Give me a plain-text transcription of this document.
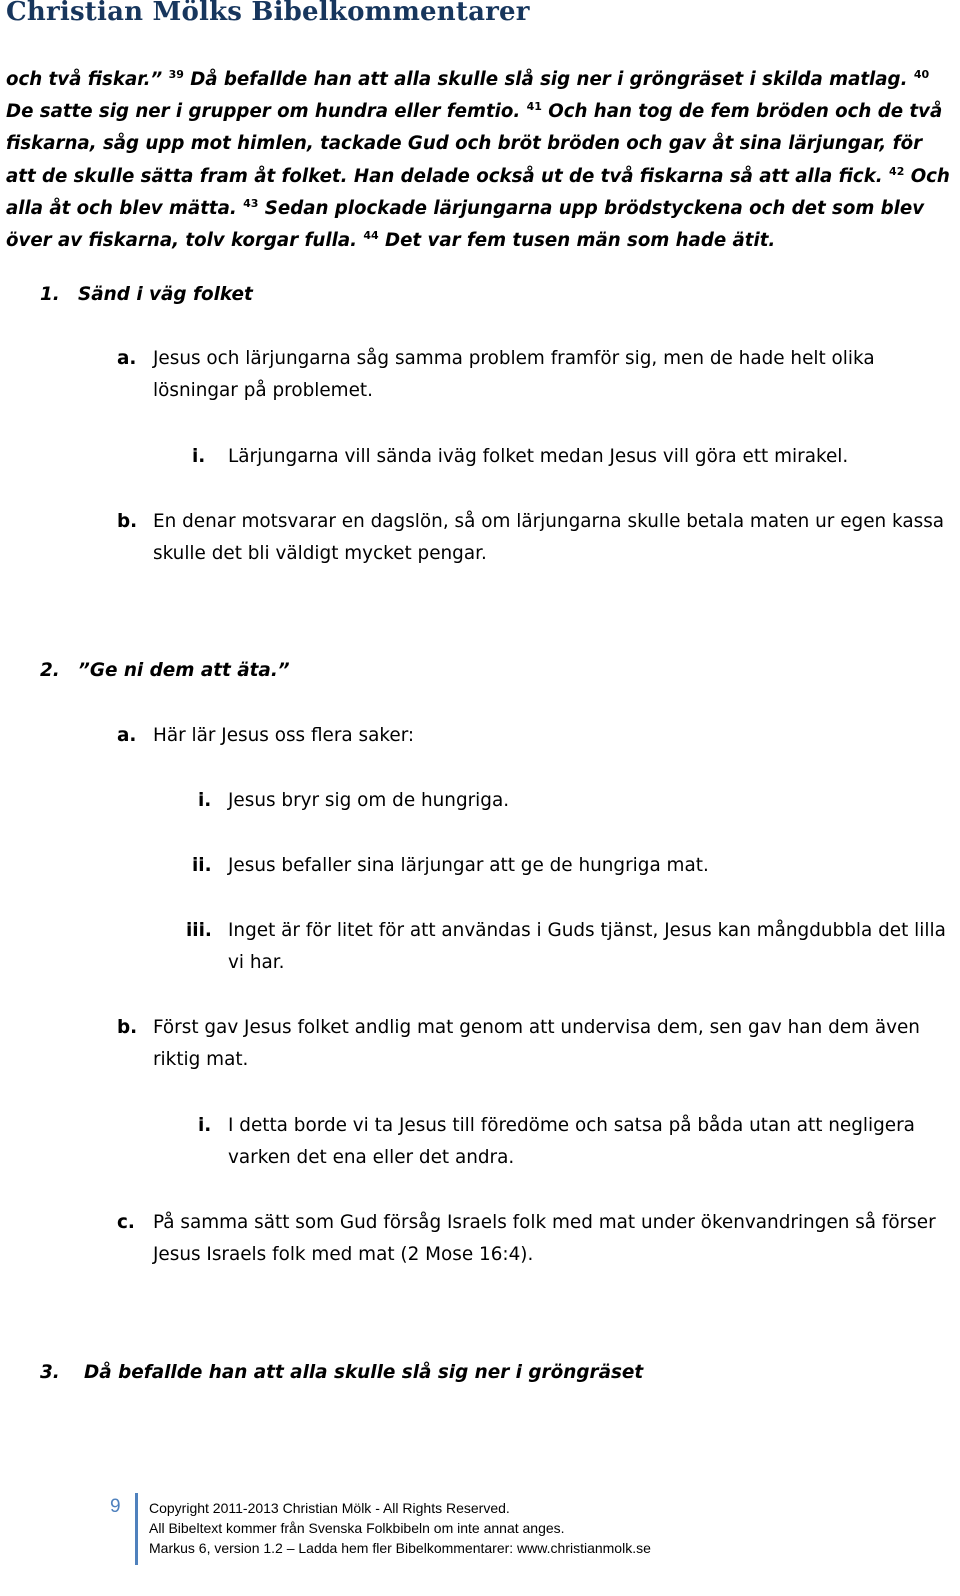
Christian Mölks Bibelkommentarer

och två fiskar.” $^{39}$ Då befallde han att alla skulle slå sig ner i gröngräset i skilda matlag. $^{40}$ De satte sig ner i grupper om hundra eller femtio. $^{41}$ Och han tog de fem bröden och de två fiskarna, såg upp mot himlen, tackade Gud och bröt bröden och gav åt sina lärjungar, för att de skulle sätta fram åt folket. Han delade också ut de två fiskarna så att alla fick. $^{42}$ Och alla åt och blev mätta. $^{43}$ Sedan plockade lärjungarna upp brödstyckena och det som blev över av fiskarna, tolv korgar fulla. $^{44}$ Det var fem tusen män som hade ätit.

1. Sänd i väg folket
a. Jesus och lärjungarna såg samma problem framför sig, men de hade helt olika lösningar på problemet.
i. Lärjungarna vill sända iväg folket medan Jesus vill göra ett mirakel.
b. En denar motsvarar en dagslön, så om lärjungarna skulle betala maten ur egen kassa skulle det bli väldigt mycket pengar.
2. ”Ge ni dem att äta.”
a. Här lär Jesus oss flera saker:
i. Jesus bryr sig om de hungriga.
ii. Jesus befaller sina lärjungar att ge de hungriga mat.
iii. Inget är för litet för att användas i Guds tjänst, Jesus kan mångdubbla det lilla vi har.
b. Först gav Jesus folket andlig mat genom att undervisa dem, sen gav han dem även riktig mat.
i. I detta borde vi ta Jesus till föredöme och satsa på båda utan att negligera varken det ena eller det andra.
c. På samma sätt som Gud försåg Israels folk med mat under ökenvandringen så förser Jesus Israels folk med mat (2 Mose 16:4).
3. Då befallde han att alla skulle slå sig ner i gröngräset
9 Copyright 2011-2013 Christian Mölk - All Rights Reserved.
All Bibeltext kommer från Svenska Folkbibeln om inte annat anges.
Markus 6, version 1.2 – Ladda hem fler Bibelkommentarer: www.christianmolk.se
